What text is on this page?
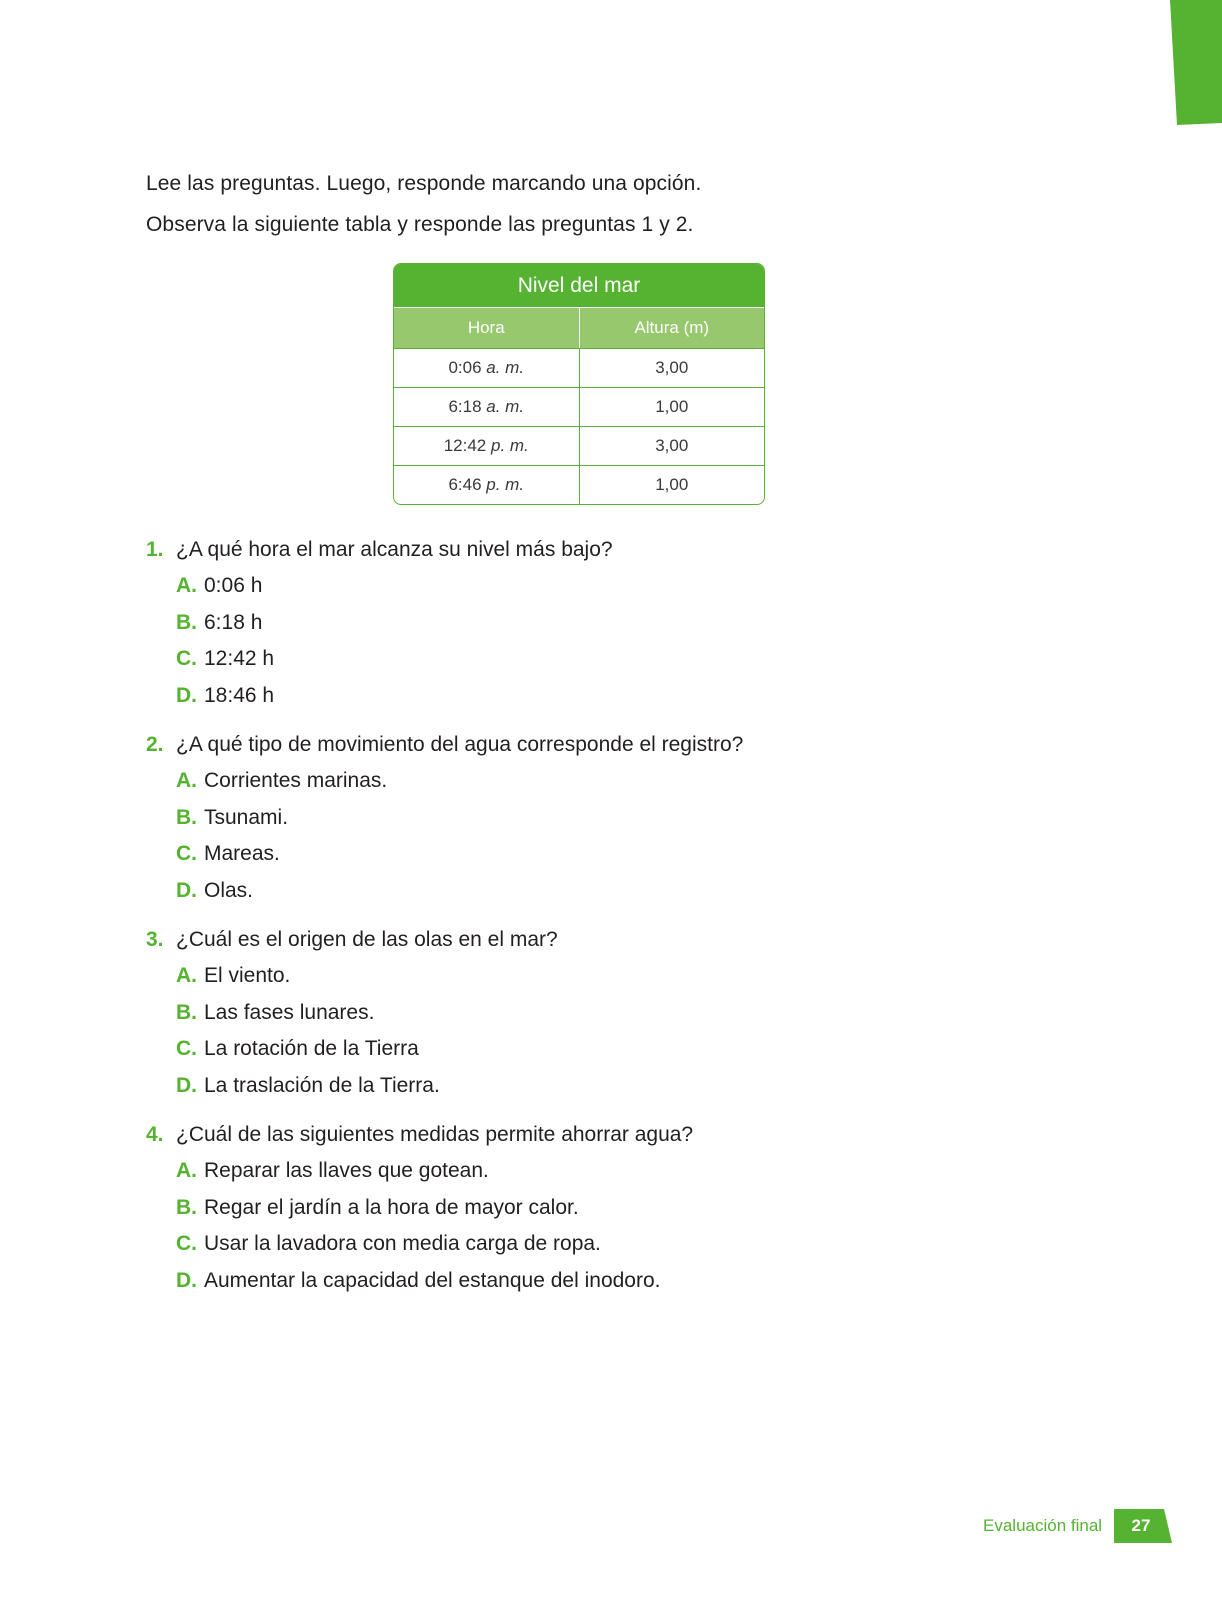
Lee las preguntas. Luego, responde marcando una opción.
Observa la siguiente tabla y responde las preguntas 1 y 2.
Nivel del mar
Hora	Altura (m)
0:06 a. m.	3,00
6:18 a. m.	1,00
12:42 p. m.	3,00
6:46 p. m.	1,00
1. ¿A qué hora el mar alcanza su nivel más bajo?
A. 0:06 h
B. 6:18 h
C. 12:42 h
D. 18:46 h
2. ¿A qué tipo de movimiento del agua corresponde el registro?
A. Corrientes marinas.
B. Tsunami.
C. Mareas.
D. Olas.
3. ¿Cuál es el origen de las olas en el mar?
A. El viento.
B. Las fases lunares.
C. La rotación de la Tierra
D. La traslación de la Tierra.
4. ¿Cuál de las siguientes medidas permite ahorrar agua?
A. Reparar las llaves que gotean.
B. Regar el jardín a la hora de mayor calor.
C. Usar la lavadora con media carga de ropa.
D. Aumentar la capacidad del estanque del inodoro.
Evaluación final	27
